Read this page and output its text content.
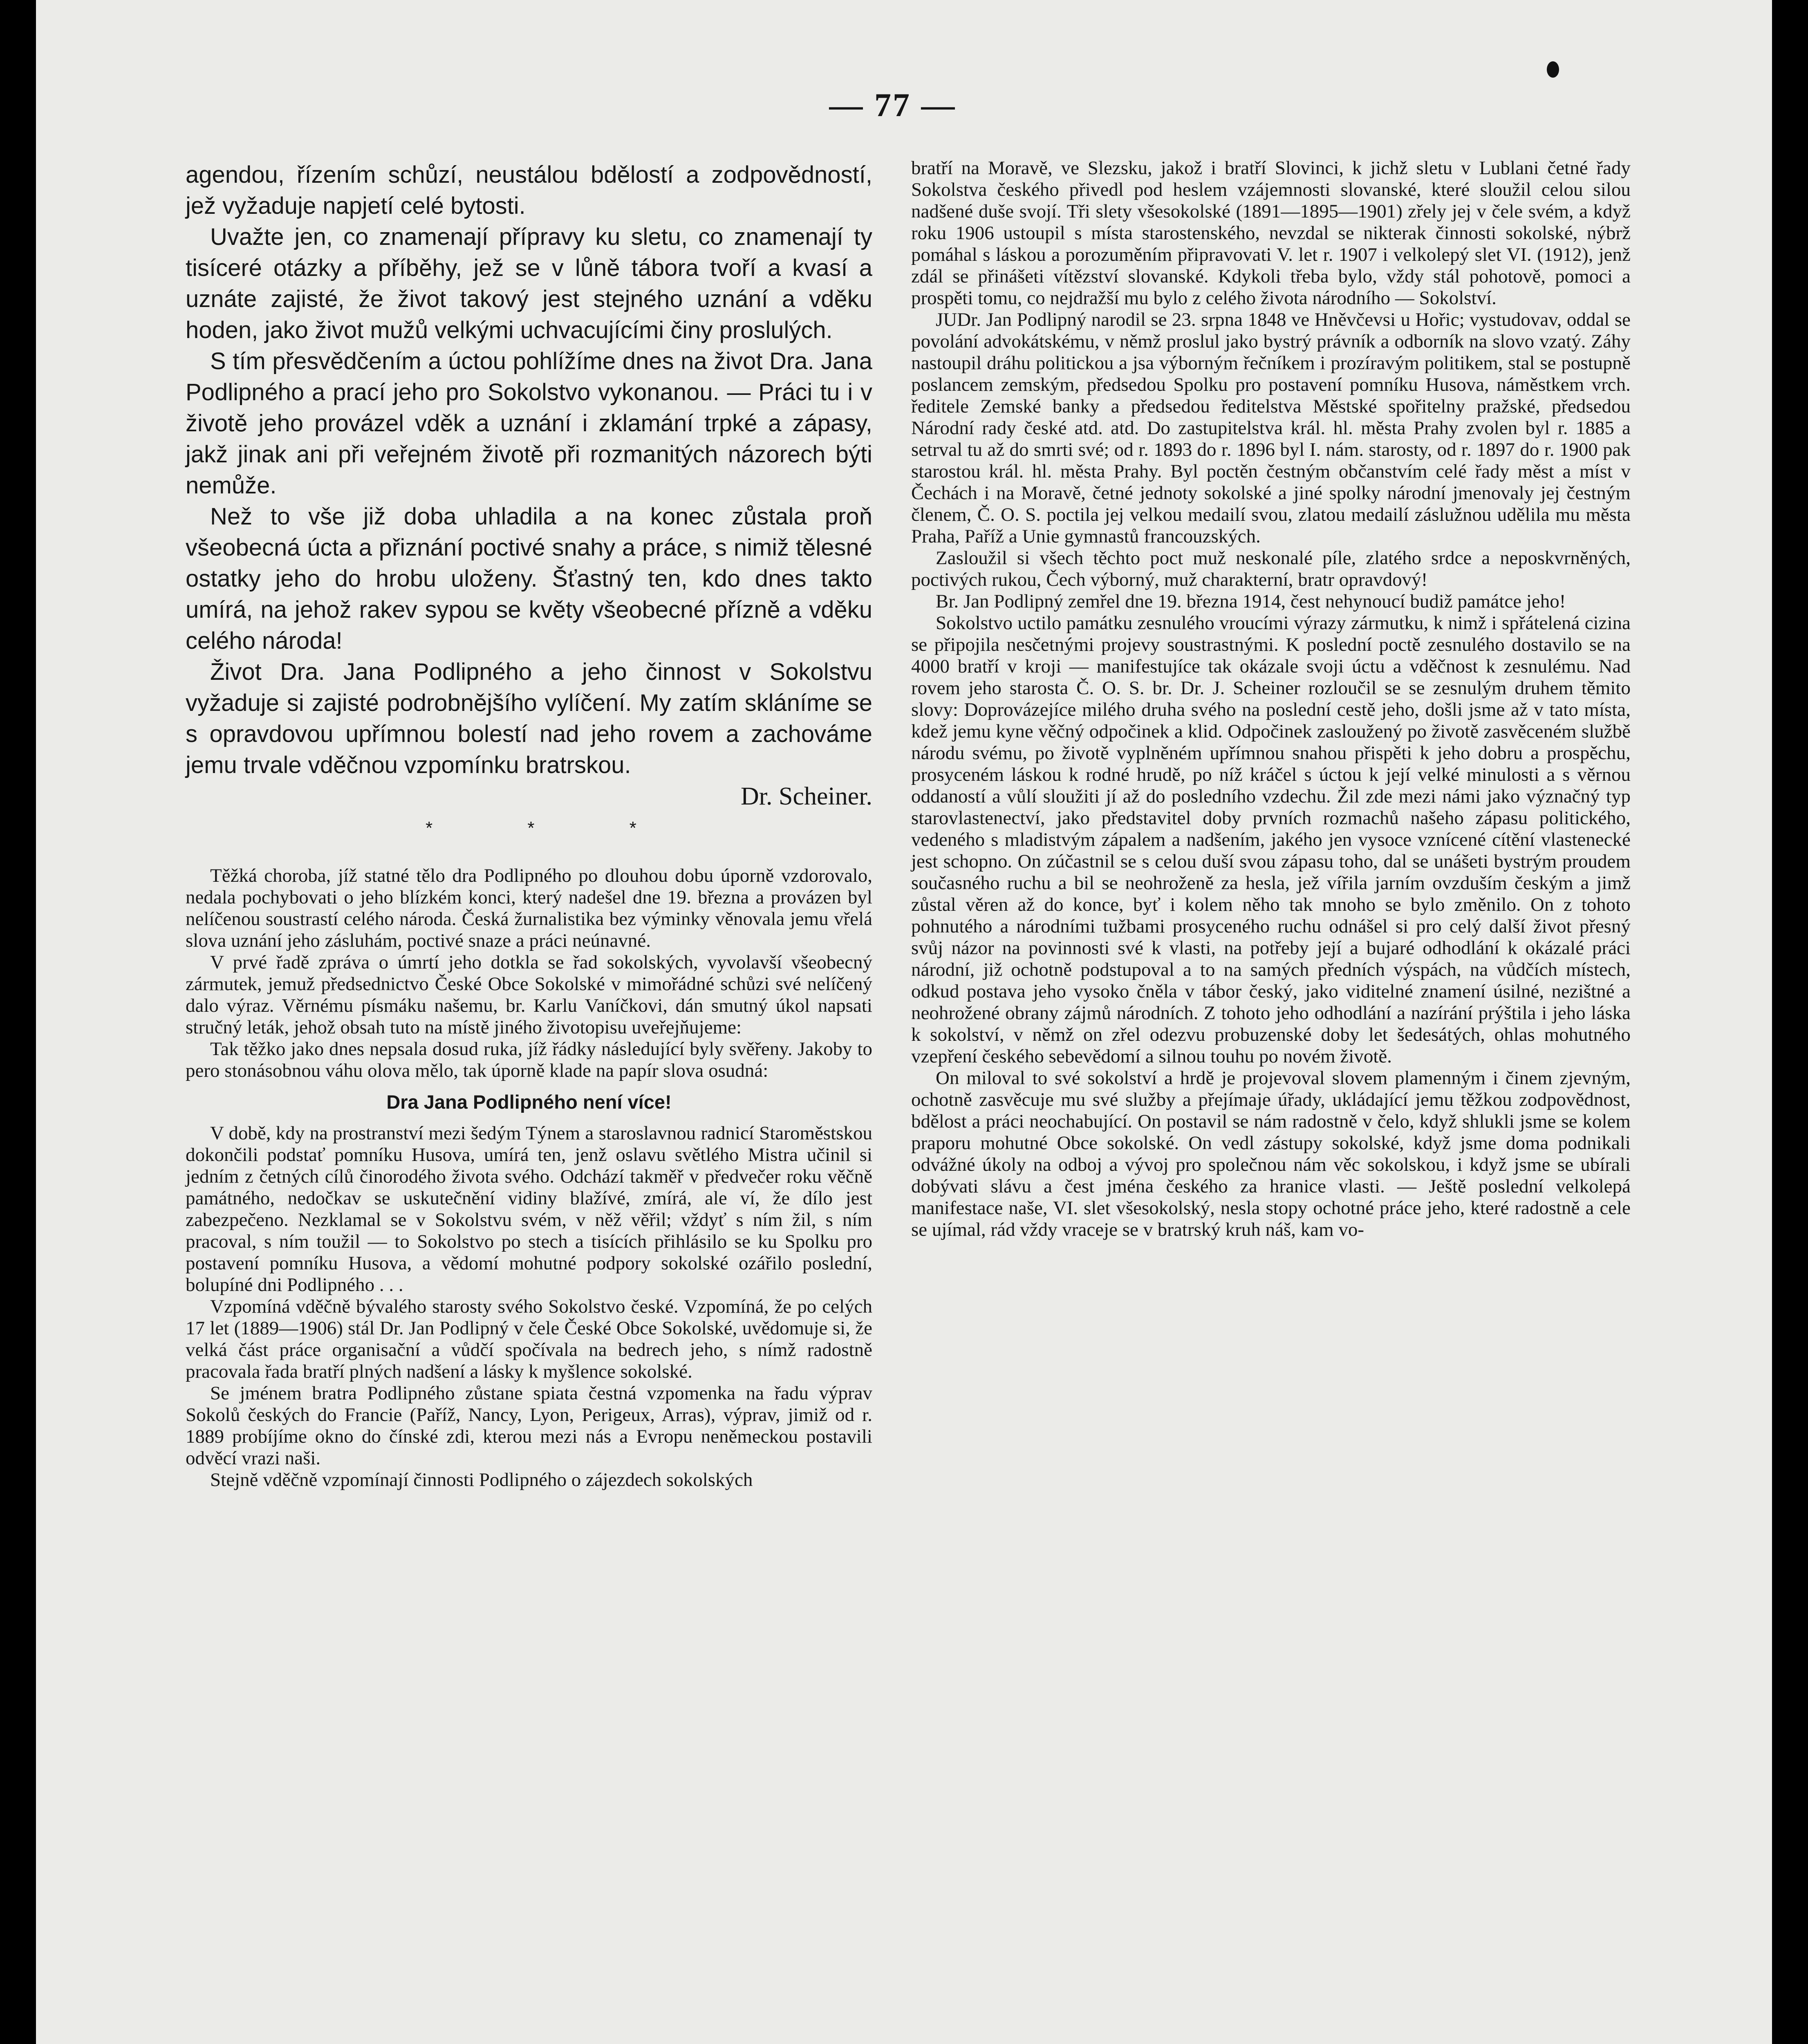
— 77 —

agendou, řízením schůzí, neustálou bdělostí a zodpovědností, jež vyžaduje napjetí celé bytosti.

Uvažte jen, co znamenají přípravy ku sletu, co znamenají ty tisíceré otázky a příběhy, jež se v lůně tábora tvoří a kvasí a uznáte zajisté, že život takový jest stejného uznání a vděku hoden, jako život mužů velkými uchvacujícími činy proslulých.

S tím přesvědčením a úctou pohlížíme dnes na život Dra. Jana Podlipného a prací jeho pro Sokolstvo vykonanou. — Práci tu i v životě jeho provázel vděk a uznání i zklamání trpké a zápasy, jakž jinak ani při veřejném životě při rozmanitých názorech býti nemůže.

Než to vše již doba uhladila a na konec zůstala proň všeobecná úcta a přiznání poctivé snahy a práce, s nimiž tělesné ostatky jeho do hrobu uloženy. Šťastný ten, kdo dnes takto umírá, na jehož rakev sypou se květy všeobecné přízně a vděku celého národa!

Život Dra. Jana Podlipného a jeho činnost v Sokolstvu vyžaduje si zajisté podrobnějšího vylíčení. My zatím skláníme se s opravdovou upřímnou bolestí nad jeho rovem a zachováme jemu trvale vděčnou vzpomínku bratrskou.

Dr. Scheiner.

* * *

Těžká choroba, jíž statné tělo dra Podlipného po dlouhou dobu úporně vzdorovalo, nedala pochybovati o jeho blízkém konci, který nadešel dne 19. března a provázen byl nelíčenou soustrastí celého národa. Česká žurnalistika bez výminky věnovala jemu vřelá slova uznání jeho zásluhám, poctivé snaze a práci neúnavné.

V prvé řadě zpráva o úmrtí jeho dotkla se řad sokolských, vyvolavší všeobecný zármutek, jemuž předsednictvo České Obce Sokolské v mimořádné schůzi své nelíčený dalo výraz. Věrnému písmáku našemu, br. Karlu Vaníčkovi, dán smutný úkol napsati stručný leták, jehož obsah tuto na místě jiného životopisu uveřejňujeme:

Tak těžko jako dnes nepsala dosud ruka, jíž řádky následující byly svěřeny. Jakoby to pero stonásobnou váhu olova mělo, tak úporně klade na papír slova osudná:

Dra Jana Podlipného není více!

V době, kdy na prostranství mezi šedým Týnem a staroslavnou radnicí Staroměstskou dokončili podstať pomníku Husova, umírá ten, jenž oslavu světlého Mistra učinil si jedním z četných cílů činorodého života svého. Odchází takměř v předvečer roku věčně památného, nedočkav se uskutečnění vidiny blažívé, zmírá, ale ví, že dílo jest zabezpečeno. Nezklamal se v Sokolstvu svém, v něž věřil; vždyť s ním žil, s ním pracoval, s ním toužil — to Sokolstvo po stech a tisících přihlásilo se ku Spolku pro postavení pomníku Husova, a vědomí mohutné podpory sokolské ozářilo poslední, bolupíné dni Podlipného . . .

Vzpomíná vděčně bývalého starosty svého Sokolstvo české. Vzpomíná, že po celých 17 let (1889—1906) stál Dr. Jan Podlipný v čele České Obce Sokolské, uvědomuje si, že velká část práce organisační a vůdčí spočívala na bedrech jeho, s nímž radostně pracovala řada bratří plných nadšení a lásky k myšlence sokolské.

Se jménem bratra Podlipného zůstane spiata čestná vzpomenka na řadu výprav Sokolů českých do Francie (Paříž, Nancy, Lyon, Perigeux, Arras), výprav, jimiž od r. 1889 probíjíme okno do čínské zdi, kterou mezi nás a Evropu neněmeckou postavili odvěcí vrazi naši.

Stejně vděčně vzpomínají činnosti Podlipného o zájezdech sokolských

bratří na Moravě, ve Slezsku, jakož i bratří Slovinci, k jichž sletu v Lublani četné řady Sokolstva českého přivedl pod heslem vzájemnosti slovanské, které sloužil celou silou nadšené duše svojí. Tři slety všesokolské (1891—1895—1901) zřely jej v čele svém, a když roku 1906 ustoupil s místa starostenského, nevzdal se nikterak činnosti sokolské, nýbrž pomáhal s láskou a porozuměním připravovati V. let r. 1907 i velkolepý slet VI. (1912), jenž zdál se přinášeti vítězství slovanské. Kdykoli třeba bylo, vždy stál pohotově, pomoci a prospěti tomu, co nejdražší mu bylo z celého života národního — Sokolství.

JUDr. Jan Podlipný narodil se 23. srpna 1848 ve Hněvčevsi u Hořic; vystudovav, oddal se povolání advokátskému, v němž proslul jako bystrý právník a odborník na slovo vzatý. Záhy nastoupil dráhu politickou a jsa výborným řečníkem i prozíravým politikem, stal se postupně poslancem zemským, předsedou Spolku pro postavení pomníku Husova, náměstkem vrch. ředitele Zemské banky a předsedou ředitelstva Městské spořitelny pražské, předsedou Národní rady české atd. atd. Do zastupitelstva král. hl. města Prahy zvolen byl r. 1885 a setrval tu až do smrti své; od r. 1893 do r. 1896 byl I. nám. starosty, od r. 1897 do r. 1900 pak starostou král. hl. města Prahy. Byl poctěn čestným občanstvím celé řady měst a míst v Čechách i na Moravě, četné jednoty sokolské a jiné spolky národní jmenovaly jej čestným členem, Č. O. S. poctila jej velkou medailí svou, zlatou medailí záslužnou udělila mu města Praha, Paříž a Unie gymnastů francouzských.

Zasloužil si všech těchto poct muž neskonalé píle, zlatého srdce a neposkvrněných, poctivých rukou, Čech výborný, muž charakterní, bratr opravdový!

Br. Jan Podlipný zemřel dne 19. března 1914, čest nehynoucí budiž památce jeho!

Sokolstvo uctilo památku zesnulého vroucími výrazy zármutku, k nimž i spřátelená cizina se připojila nesčetnými projevy soustrastnými. K poslední poctě zesnulého dostavilo se na 4000 bratří v kroji — manifestujíce tak okázale svoji úctu a vděčnost k zesnulému. Nad rovem jeho starosta Č. O. S. br. Dr. J. Scheiner rozloučil se se zesnulým druhem těmito slovy: Doprovázejíce milého druha svého na poslední cestě jeho, došli jsme až v tato místa, kdež jemu kyne věčný odpočinek a klid. Odpočinek zasloužený po životě zasvěceném službě národu svému, po životě vyplněném upřímnou snahou přispěti k jeho dobru a prospěchu, prosyceném láskou k rodné hrudě, po níž kráčel s úctou k její velké minulosti a s věrnou oddaností a vůlí sloužiti jí až do posledního vzdechu. Žil zde mezi námi jako význačný typ starovlastenectví, jako představitel doby prvních rozmachů našeho zápasu politického, vedeného s mladistvým zápalem a nadšením, jakého jen vysoce vznícené cítění vlastenecké jest schopno. On zúčastnil se s celou duší svou zápasu toho, dal se unášeti bystrým proudem současného ruchu a bil se neohroženě za hesla, jež vířila jarním ovzduším českým a jimž zůstal věren až do konce, byť i kolem něho tak mnoho se bylo změnilo. On z tohoto pohnutého a národními tužbami prosyceného ruchu odnášel si pro celý další život přesný svůj názor na povinnosti své k vlasti, na potřeby její a bujaré odhodlání k okázalé práci národní, již ochotně podstupoval a to na samých předních výspách, na vůdčích místech, odkud postava jeho vysoko čněla v tábor český, jako viditelné znamení úsilné, nezištné a neohrožené obrany zájmů národních. Z tohoto jeho odhodlání a nazírání prýštila i jeho láska k sokolství, v němž on zřel odezvu probuzenské doby let šedesátých, ohlas mohutného vzepření českého sebevědomí a silnou touhu po novém životě.

On miloval to své sokolství a hrdě je projevoval slovem plamenným i činem zjevným, ochotně zasvěcuje mu své služby a přejímaje úřady, ukládající jemu těžkou zodpovědnost, bdělost a práci neochabující. On postavil se nám radostně v čelo, když shlukli jsme se kolem praporu mohutné Obce sokolské. On vedl zástupy sokolské, když jsme doma podnikali odvážné úkoly na odboj a vývoj pro společnou nám věc sokolskou, i když jsme se ubírali dobývati slávu a čest jména českého za hranice vlasti. — Ještě poslední velkolepá manifestace naše, VI. slet všesokolský, nesla stopy ochotné práce jeho, které radostně a cele se ujímal, rád vždy vraceje se v bratrský kruh náš, kam vo-
